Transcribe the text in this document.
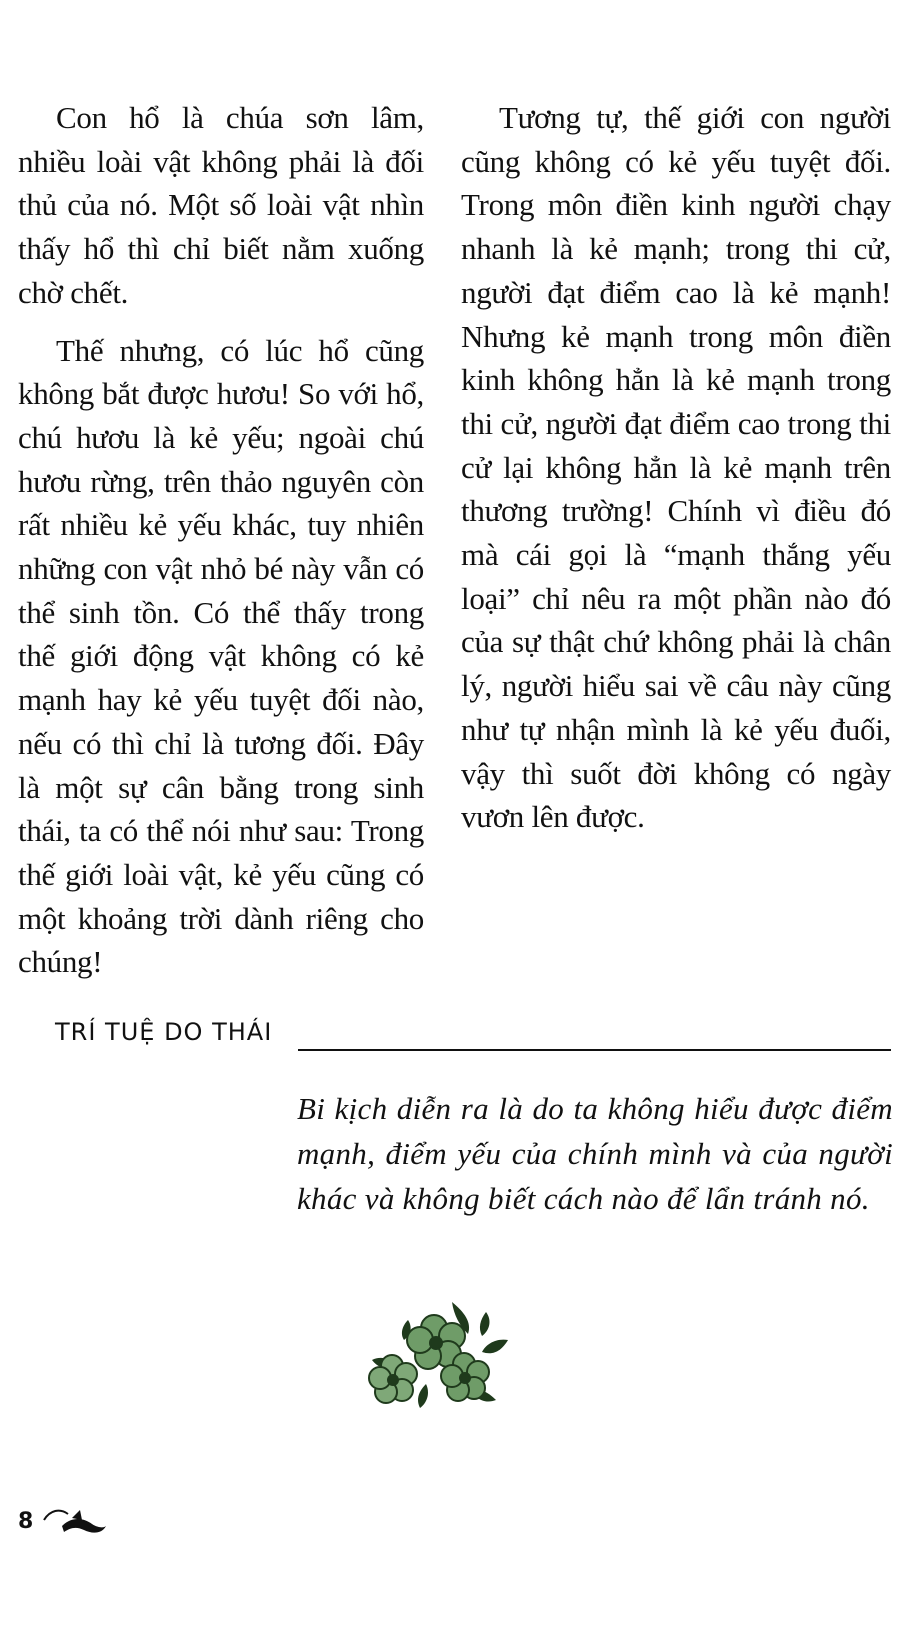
Con hổ là chúa sơn lâm, nhiều loài vật không phải là đối thủ của nó. Một số loài vật nhìn thấy hổ thì chỉ biết nằm xuống chờ chết.

Thế nhưng, có lúc hổ cũng không bắt được hươu! So với hổ, chú hươu là kẻ yếu; ngoài chú hươu rừng, trên thảo nguyên còn rất nhiều kẻ yếu khác, tuy nhiên những con vật nhỏ bé này vẫn có thể sinh tồn. Có thể thấy trong thế giới động vật không có kẻ mạnh hay kẻ yếu tuyệt đối nào, nếu có thì chỉ là tương đối. Đây là một sự cân bằng trong sinh thái, ta có thể nói như sau: Trong thế giới loài vật, kẻ yếu cũng có một khoảng trời dành riêng cho chúng!

Tương tự, thế giới con người cũng không có kẻ yếu tuyệt đối. Trong môn điền kinh người chạy nhanh là kẻ mạnh; trong thi cử, người đạt điểm cao là kẻ mạnh! Nhưng kẻ mạnh trong môn điền kinh không hẳn là kẻ mạnh trong thi cử, người đạt điểm cao trong thi cử lại không hẳn là kẻ mạnh trên thương trường! Chính vì điều đó mà cái gọi là “mạnh thắng yếu loại” chỉ nêu ra một phần nào đó của sự thật chứ không phải là chân lý, người hiểu sai về câu này cũng như tự nhận mình là kẻ yếu đuối, vậy thì suốt đời không có ngày vươn lên được.

TRÍ TUỆ DO THÁI
Bi kịch diễn ra là do ta không hiểu được điểm mạnh, điểm yếu của chính mình và của người khác và không biết cách nào để lẩn tránh nó.
8
